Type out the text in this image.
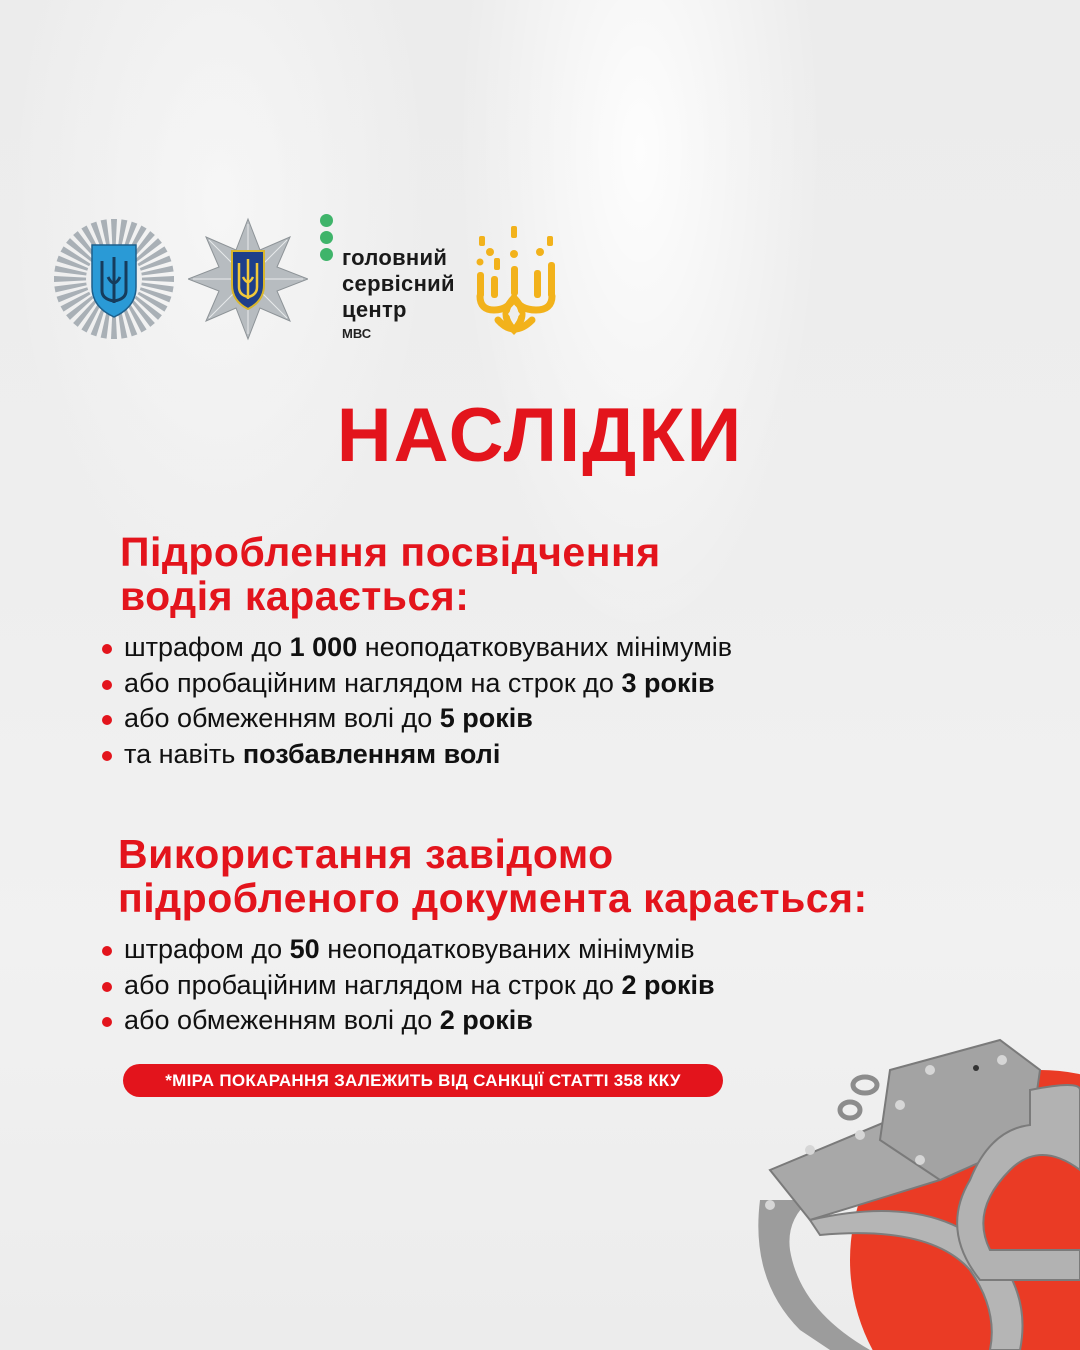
головний
сервісний
центр
МВС
НАСЛІДКИ
Підроблення посвідчення
водія карається:
штрафом до
1 000
неоподатковуваних мінімумів
або пробаційним наглядом на строк до
3 років
або обмеженням волі до
5 років
та навіть
позбавленням волі
Використання завідомо
підробленого документа карається:
штрафом до
50
неоподатковуваних мінімумів
або пробаційним наглядом на строк до
2 років
або обмеженням волі до
2 років
*МІРА ПОКАРАННЯ ЗАЛЕЖИТЬ ВІД САНКЦІЇ СТАТТІ 358 ККУ
